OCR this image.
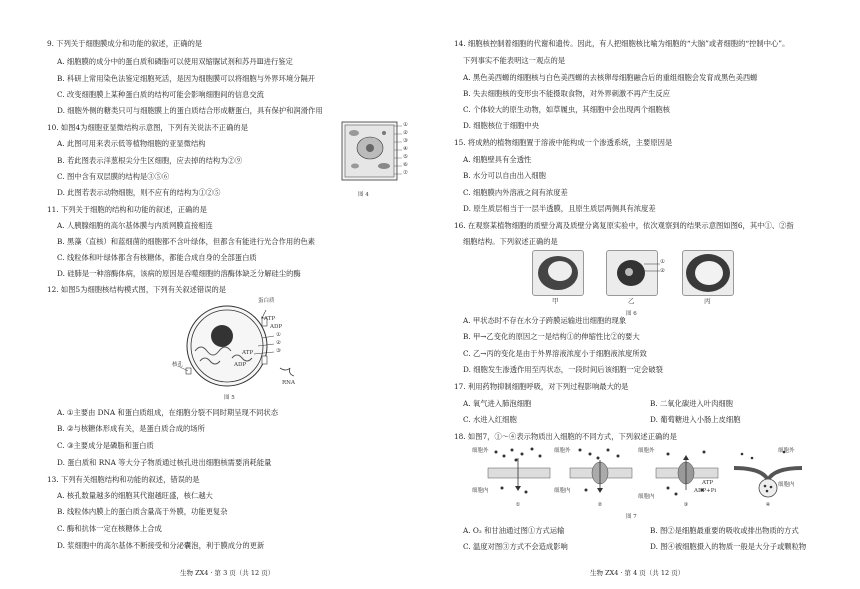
9. 下列关于细胞膜成分和功能的叙述，正确的是
A. 细胞膜的成分中的蛋白质和磷脂可以使用双缩脲试剂和苏丹Ⅲ进行鉴定
B. 科研上常用染色法鉴定细胞死活，是因为细胞膜可以将细胞与外界环境分隔开
C. 改变细胞膜上某种蛋白质的结构可能会影响细胞间的信息交流
D. 细胞外侧的糖类只可与细胞膜上的蛋白质结合形成糖蛋白，具有保护和润滑作用
10. 如图4为细胞亚显微结构示意图，下列有关说法不正确的是
A. 此图可用来表示低等植物细胞的亚显微结构
B. 若此图表示洋葱根尖分生区细胞，应去掉的结构为②⑨
C. 图中含有双层膜的结构是③⑤⑥
D. 此图若表示动物细胞，则不应有的结构为①②⑤
①
②
③
④
⑤
⑥
⑦
图 4
11. 下列关于细胞的结构和功能的叙述，正确的是
A. 人胰腺细胞的高尔基体膜与内质网膜直接相连
B. 黑藻（直核）和蓝细菌的细胞都不含叶绿体，但都含有能进行光合作用的色素
C. 线粒体和叶绿体都含有核糖体，都能合成自身的全部蛋白质
D. 硅肺是一种溶酶体病，该病的原因是吞噬细胞的溶酶体缺乏分解硅尘的酶
12. 如图5为细胞核结构模式图，下列有关叙述错误的是
蛋白质
ATP
ADP
①
②
③
ATP
ADP
核孔
RNA
图 5
A. ①主要由 DNA 和蛋白质组成，在细胞分裂不同时期呈现不同状态
B. ②与核糖体形成有关，是蛋白质合成的场所
C. ③主要成分是磷脂和蛋白质
D. 蛋白质和 RNA 等大分子物质通过核孔进出细胞核需要消耗能量
13. 下列有关细胞结构和功能的叙述，错误的是
A. 核孔数量越多的细胞其代谢越旺盛，核仁越大
B. 线粒体内膜上的蛋白质含量高于外膜，功能更复杂
C. 酶和抗体一定在核糖体上合成
D. 浆细胞中的高尔基体不断接受和分泌囊泡，利于膜成分的更新
生物 ZX4 · 第 3 页（共 12 页）
14. 细胞核控制着细胞的代谢和遗传。因此，有人把细胞核比喻为细胞的“大脑”或者细胞的“控制中心”。
下列事实不能表明这一观点的是
A. 黑色美西螈的细胞核与白色美西螈的去核卵母细胞融合后的重组细胞会发育成黑色美西螈
B. 失去细胞核的变形虫不能摄取食物，对外界刺激不再产生反应
C. 个体较大的原生动物，如草履虫，其细胞中会出现两个细胞核
D. 细胞核位于细胞中央
15. 将成熟的植物细胞置于溶液中能构成一个渗透系统，主要原因是
A. 细胞壁具有全透性
B. 水分可以自由出入细胞
C. 细胞膜内外溶液之间有浓度差
D. 原生质层相当于一层半透膜，且原生质层两侧具有浓度差
16. 在观察某植物细胞的质壁分离及质壁分离复原实验中，依次观察到的结果示意图如图6，其中①、②指
细胞结构。下列叙述正确的是
①
②
甲	乙	丙
图 6
A. 甲状态时不存在水分子跨膜运输进出细胞的现象
B. 甲→乙变化的原因之一是结构①的伸缩性比②的要大
C. 乙→丙的变化是由于外界溶液浓度小于细胞液浓度所致
D. 细胞发生渗透作用至丙状态，一段时间后该细胞一定会破裂
17. 利用药物抑制细胞呼吸，对下列过程影响最大的是
A. 氧气进入肺泡细胞	B. 二氧化碳进入叶肉细胞
C. 水进入红细胞	D. 葡萄糖进入小肠上皮细胞
18. 如图7，①～④表示物质出入细胞的不同方式，下列叙述正确的是
①	②	③	④
细胞外
细胞内
细胞外
细胞内
细胞外
细胞内
细胞外
细胞内
ATP
ADP+Pi
图 7
A. O₂ 和甘油通过图①方式运输	B. 图②是细胞最重要的吸收或排出物质的方式
C. 温度对图③方式不会造成影响	D. 图④被细胞摄入的物质一般是大分子或颗粒物
生物 ZX4 · 第 4 页（共 12 页）
